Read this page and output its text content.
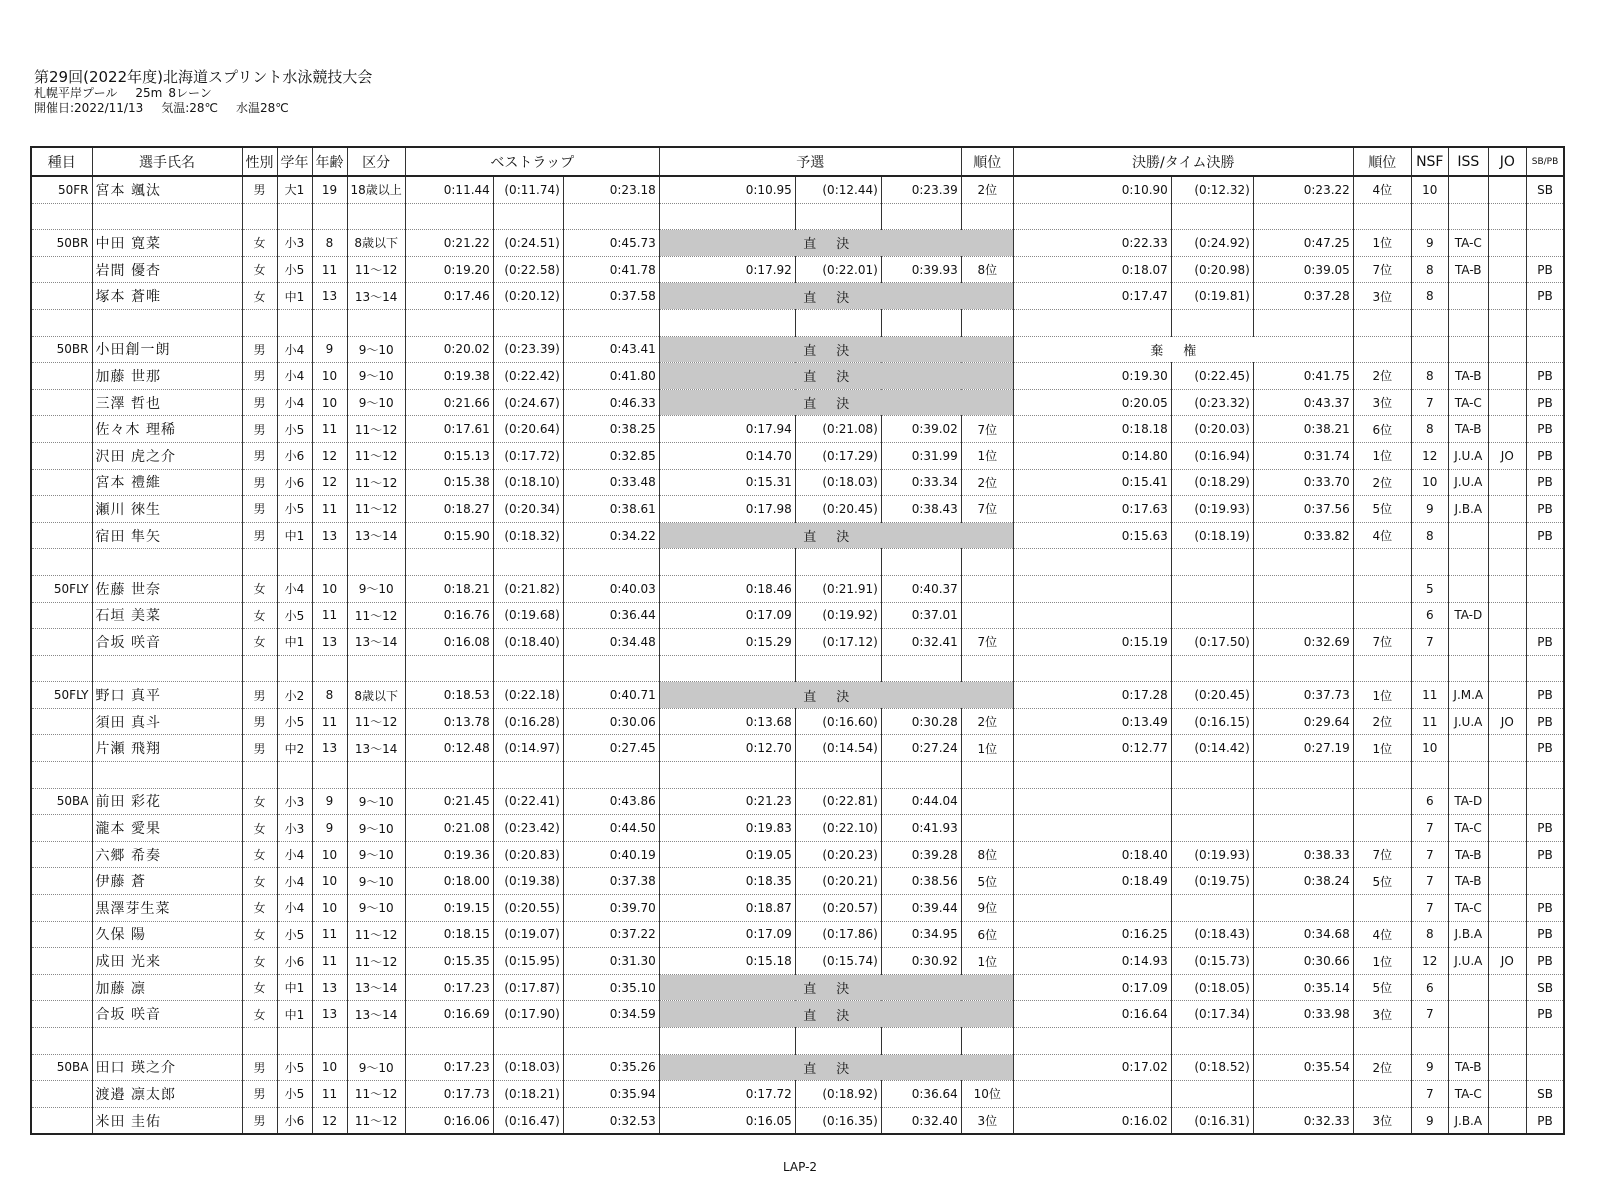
第29回(2022年度)北海道スプリント水泳競技大会
札幌平岸プール 25m 8レーン
開催日:2022/11/13 気温:28℃ 水温28℃
種目	選手氏名	性別	学年	年齢	区分	ベストラップ			予選			順位	決勝/タイム決勝			順位	NSF	ISS	JO	SB/PB
50FR	宮本 颯汰	男	大1	19	18歳以上	0:11.44	(0:11.74)	0:23.18	0:10.95	(0:12.44)	0:23.39	2位	0:10.90	(0:12.32)	0:23.22	4位	10			SB

50BR	中田 寛菜	女	小3	8	8歳以下	0:21.22	(0:24.51)	0:45.73	直決				0:22.33	(0:24.92)	0:47.25	1位	9	TA-C		
	岩間 優杏	女	小5	11	11～12	0:19.20	(0:22.58)	0:41.78	0:17.92	(0:22.01)	0:39.93	8位	0:18.07	(0:20.98)	0:39.05	7位	8	TA-B		PB
	塚本 蒼唯	女	中1	13	13～14	0:17.46	(0:20.12)	0:37.58	直決				0:17.47	(0:19.81)	0:37.28	3位	8			PB

50BR	小田創一朗	男	小4	9	9～10	0:20.02	(0:23.39)	0:43.41	直決				棄権							
	加藤 世那	男	小4	10	9～10	0:19.38	(0:22.42)	0:41.80	直決				0:19.30	(0:22.45)	0:41.75	2位	8	TA-B		PB
	三澤 哲也	男	小4	10	9～10	0:21.66	(0:24.67)	0:46.33	直決				0:20.05	(0:23.32)	0:43.37	3位	7	TA-C		PB
	佐々木 理稀	男	小5	11	11～12	0:17.61	(0:20.64)	0:38.25	0:17.94	(0:21.08)	0:39.02	7位	0:18.18	(0:20.03)	0:38.21	6位	8	TA-B		PB
	沢田 虎之介	男	小6	12	11～12	0:15.13	(0:17.72)	0:32.85	0:14.70	(0:17.29)	0:31.99	1位	0:14.80	(0:16.94)	0:31.74	1位	12	J.U.A	JO	PB
	宮本 禮維	男	小6	12	11～12	0:15.38	(0:18.10)	0:33.48	0:15.31	(0:18.03)	0:33.34	2位	0:15.41	(0:18.29)	0:33.70	2位	10	J.U.A		PB
	瀬川 徠生	男	小5	11	11～12	0:18.27	(0:20.34)	0:38.61	0:17.98	(0:20.45)	0:38.43	7位	0:17.63	(0:19.93)	0:37.56	5位	9	J.B.A		PB
	宿田 隼矢	男	中1	13	13～14	0:15.90	(0:18.32)	0:34.22	直決				0:15.63	(0:18.19)	0:33.82	4位	8			PB

50FLY	佐藤 世奈	女	小4	10	9～10	0:18.21	(0:21.82)	0:40.03	0:18.46	(0:21.91)	0:40.37						5			
	石垣 美菜	女	小5	11	11～12	0:16.76	(0:19.68)	0:36.44	0:17.09	(0:19.92)	0:37.01						6	TA-D		
	合坂 咲音	女	中1	13	13～14	0:16.08	(0:18.40)	0:34.48	0:15.29	(0:17.12)	0:32.41	7位	0:15.19	(0:17.50)	0:32.69	7位	7			PB

50FLY	野口 真平	男	小2	8	8歳以下	0:18.53	(0:22.18)	0:40.71	直決				0:17.28	(0:20.45)	0:37.73	1位	11	J.M.A		PB
	須田 真斗	男	小5	11	11～12	0:13.78	(0:16.28)	0:30.06	0:13.68	(0:16.60)	0:30.28	2位	0:13.49	(0:16.15)	0:29.64	2位	11	J.U.A	JO	PB
	片瀬 飛翔	男	中2	13	13～14	0:12.48	(0:14.97)	0:27.45	0:12.70	(0:14.54)	0:27.24	1位	0:12.77	(0:14.42)	0:27.19	1位	10			PB

50BA	前田 彩花	女	小3	9	9～10	0:21.45	(0:22.41)	0:43.86	0:21.23	(0:22.81)	0:44.04						6	TA-D		
	瀧本 愛果	女	小3	9	9～10	0:21.08	(0:23.42)	0:44.50	0:19.83	(0:22.10)	0:41.93						7	TA-C		PB
	六郷 希奏	女	小4	10	9～10	0:19.36	(0:20.83)	0:40.19	0:19.05	(0:20.23)	0:39.28	8位	0:18.40	(0:19.93)	0:38.33	7位	7	TA-B		PB
	伊藤 蒼	女	小4	10	9～10	0:18.00	(0:19.38)	0:37.38	0:18.35	(0:20.21)	0:38.56	5位	0:18.49	(0:19.75)	0:38.24	5位	7	TA-B		
	黒澤芽生菜	女	小4	10	9～10	0:19.15	(0:20.55)	0:39.70	0:18.87	(0:20.57)	0:39.44	9位					7	TA-C		PB
	久保 陽	女	小5	11	11～12	0:18.15	(0:19.07)	0:37.22	0:17.09	(0:17.86)	0:34.95	6位	0:16.25	(0:18.43)	0:34.68	4位	8	J.B.A		PB
	成田 光来	女	小6	11	11～12	0:15.35	(0:15.95)	0:31.30	0:15.18	(0:15.74)	0:30.92	1位	0:14.93	(0:15.73)	0:30.66	1位	12	J.U.A	JO	PB
	加藤 凛	女	中1	13	13～14	0:17.23	(0:17.87)	0:35.10	直決				0:17.09	(0:18.05)	0:35.14	5位	6			SB
	合坂 咲音	女	中1	13	13～14	0:16.69	(0:17.90)	0:34.59	直決				0:16.64	(0:17.34)	0:33.98	3位	7			PB

50BA	田口 瑛之介	男	小5	10	9～10	0:17.23	(0:18.03)	0:35.26	直決				0:17.02	(0:18.52)	0:35.54	2位	9	TA-B		
	渡邉 凛太郎	男	小5	11	11～12	0:17.73	(0:18.21)	0:35.94	0:17.72	(0:18.92)	0:36.64	10位					7	TA-C		SB
	米田 圭佑	男	小6	12	11～12	0:16.06	(0:16.47)	0:32.53	0:16.05	(0:16.35)	0:32.40	3位	0:16.02	(0:16.31)	0:32.33	3位	9	J.B.A		PB
LAP-2
